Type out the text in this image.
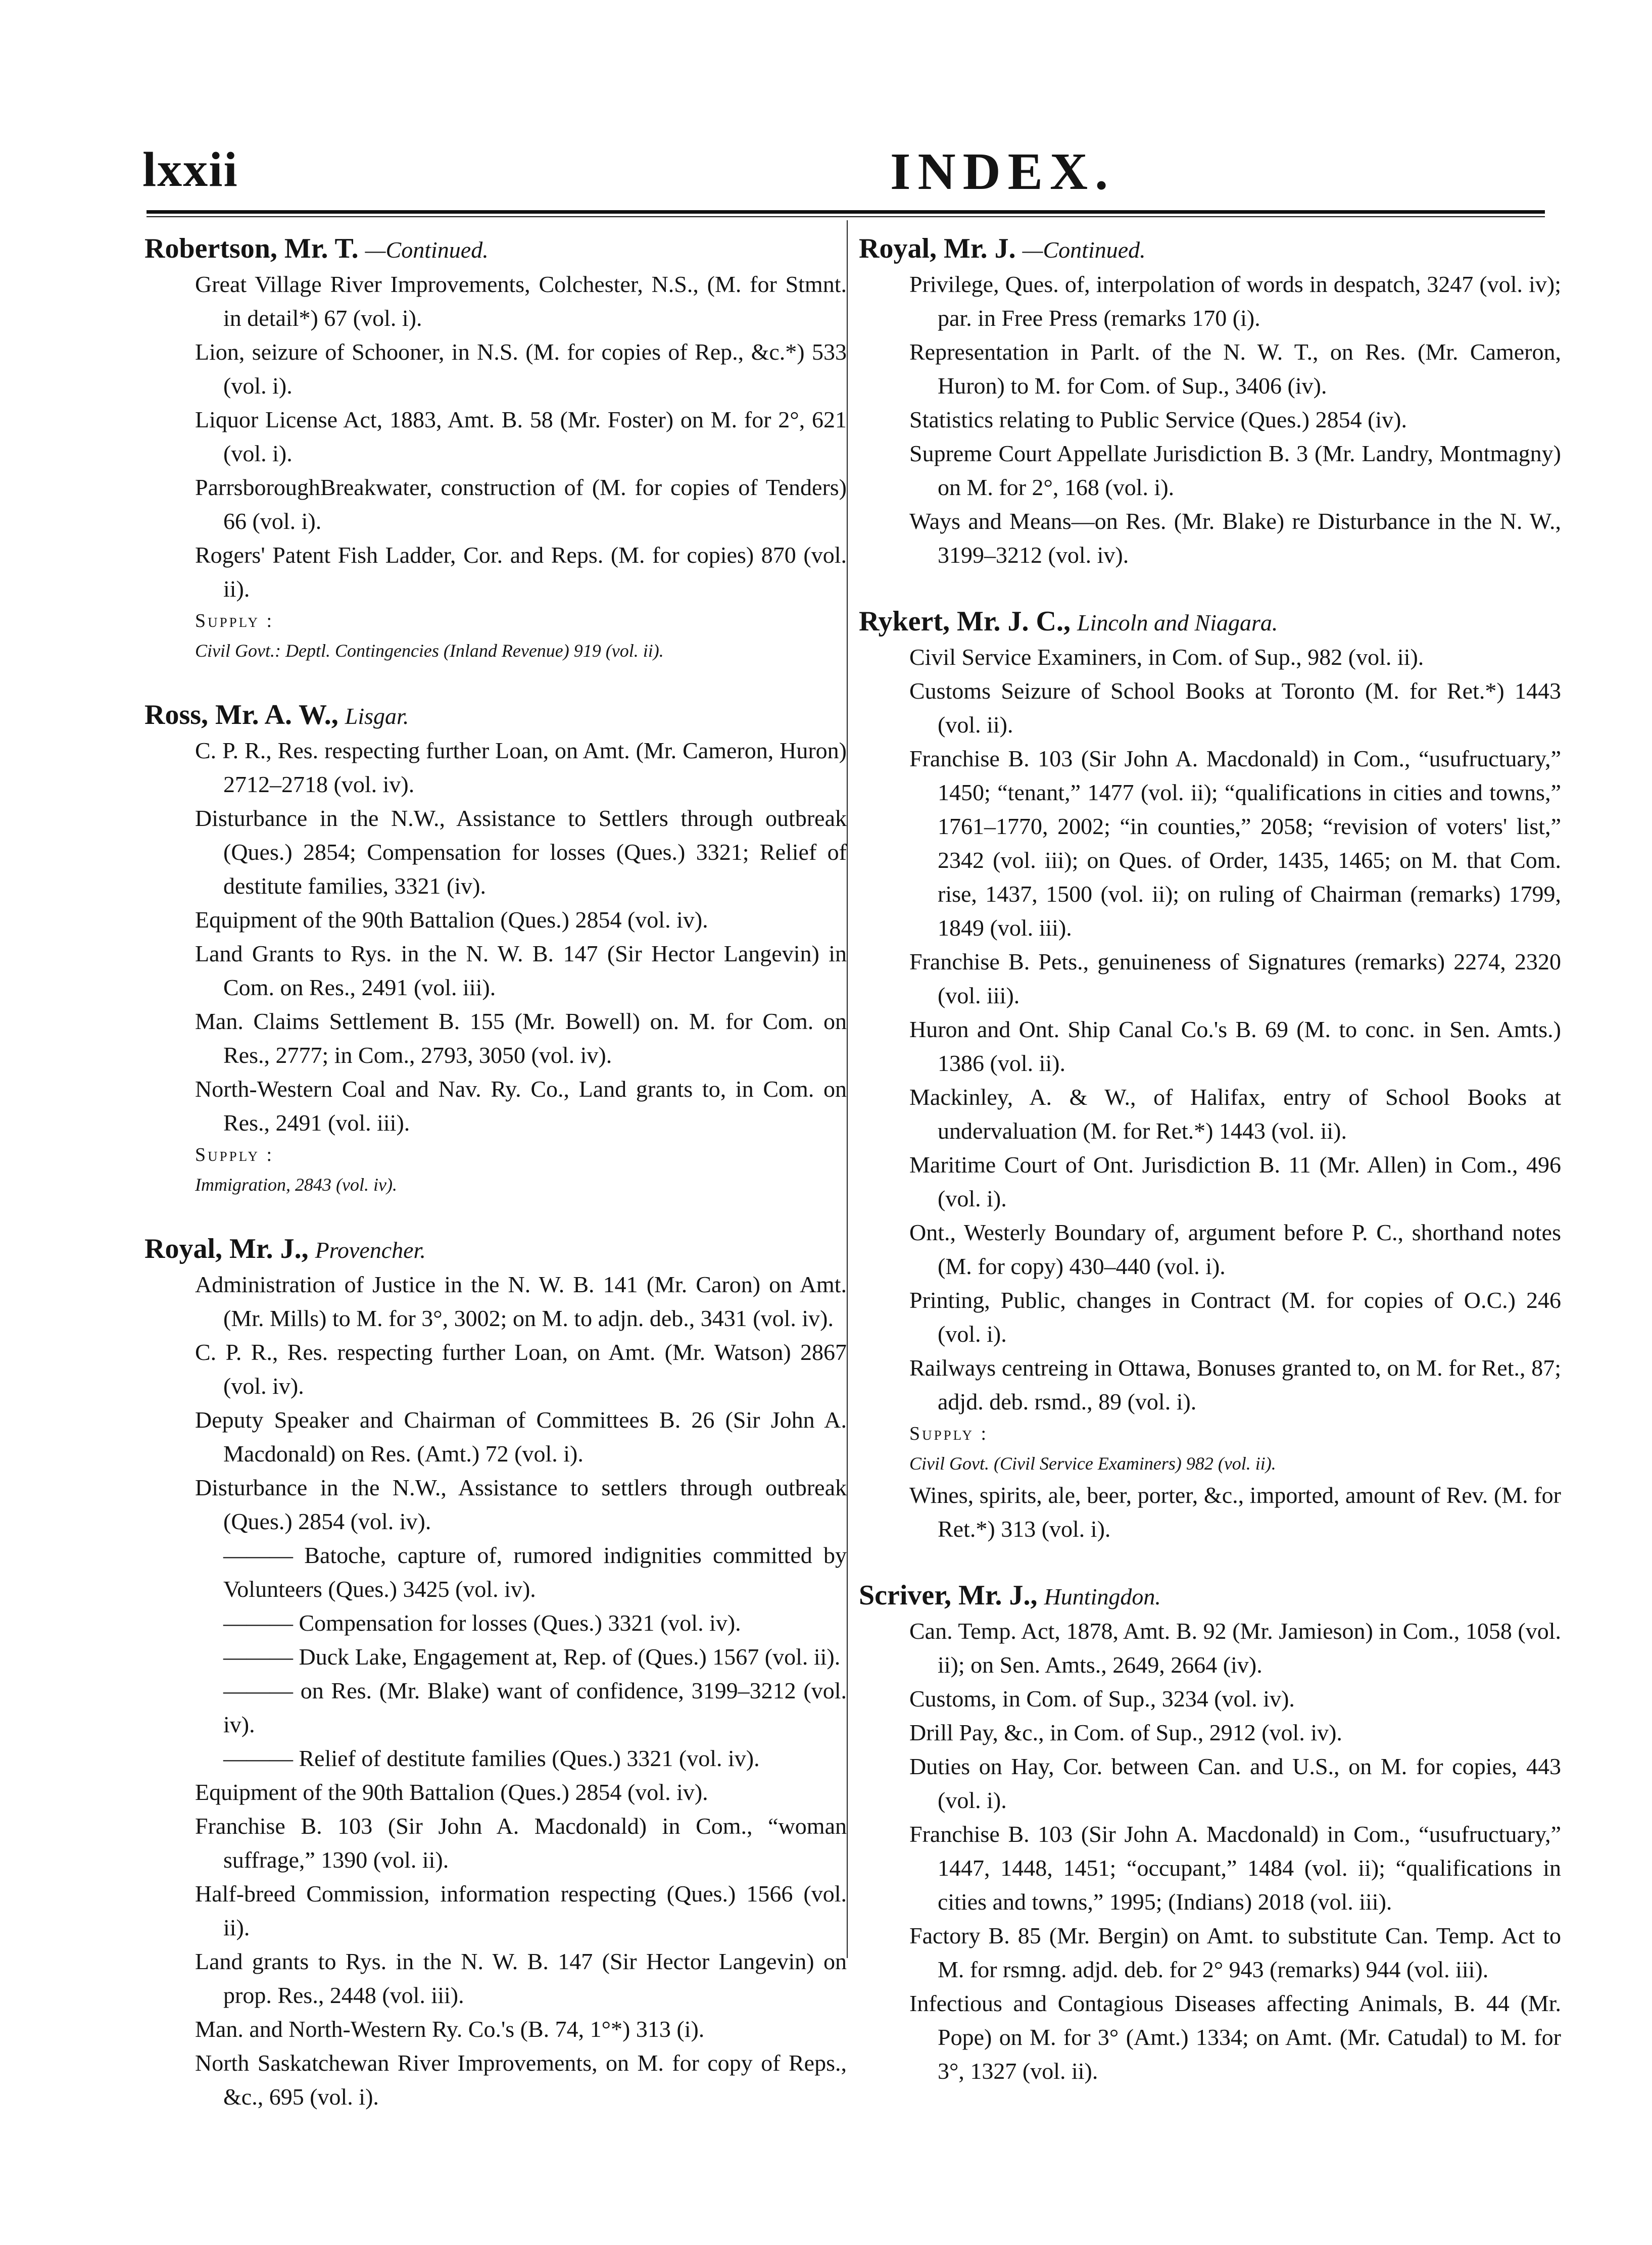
lxxii	INDEX.
Robertson, Mr. T. —Continued.
Great Village River Improvements, Colchester, N.S., (M. for Stmnt. in detail*) 67 (vol. i).
Lion, seizure of Schooner, in N.S. (M. for copies of Rep., &c.*) 533 (vol. i).
Liquor License Act, 1883, Amt. B. 58 (Mr. Foster) on M. for 2°, 621 (vol. i).
ParrsboroughBreakwater, construction of (M. for copies of Tenders) 66 (vol. i).
Rogers' Patent Fish Ladder, Cor. and Reps. (M. for copies) 870 (vol. ii).
Supply :
Civil Govt.: Deptl. Contingencies (Inland Revenue) 919 (vol. ii).
Ross, Mr. A. W., Lisgar.
C. P. R., Res. respecting further Loan, on Amt. (Mr. Cameron, Huron) 2712–2718 (vol. iv).
Disturbance in the N.W., Assistance to Settlers through outbreak (Ques.) 2854; Compensation for losses (Ques.) 3321; Relief of destitute families, 3321 (iv).
Equipment of the 90th Battalion (Ques.) 2854 (vol. iv).
Land Grants to Rys. in the N. W. B. 147 (Sir Hector Langevin) in Com. on Res., 2491 (vol. iii).
Man. Claims Settlement B. 155 (Mr. Bowell) on. M. for Com. on Res., 2777; in Com., 2793, 3050 (vol. iv).
North-Western Coal and Nav. Ry. Co., Land grants to, in Com. on Res., 2491 (vol. iii).
Supply :
Immigration, 2843 (vol. iv).
Royal, Mr. J., Provencher.
Administration of Justice in the N. W. B. 141 (Mr. Caron) on Amt. (Mr. Mills) to M. for 3°, 3002; on M. to adjn. deb., 3431 (vol. iv).
C. P. R., Res. respecting further Loan, on Amt. (Mr. Watson) 2867 (vol. iv).
Deputy Speaker and Chairman of Committees B. 26 (Sir John A. Macdonald) on Res. (Amt.) 72 (vol. i).
Disturbance in the N.W., Assistance to settlers through outbreak (Ques.) 2854 (vol. iv).
——— Batoche, capture of, rumored indignities committed by Volunteers (Ques.) 3425 (vol. iv).
——— Compensation for losses (Ques.) 3321 (vol. iv).
——— Duck Lake, Engagement at, Rep. of (Ques.) 1567 (vol. ii).
——— on Res. (Mr. Blake) want of confidence, 3199–3212 (vol. iv).
——— Relief of destitute families (Ques.) 3321 (vol. iv).
Equipment of the 90th Battalion (Ques.) 2854 (vol. iv).
Franchise B. 103 (Sir John A. Macdonald) in Com., “woman suffrage,” 1390 (vol. ii).
Half-breed Commission, information respecting (Ques.) 1566 (vol. ii).
Land grants to Rys. in the N. W. B. 147 (Sir Hector Langevin) on prop. Res., 2448 (vol. iii).
Man. and North-Western Ry. Co.'s (B. 74, 1°*) 313 (i).
North Saskatchewan River Improvements, on M. for copy of Reps., &c., 695 (vol. i).
Royal, Mr. J. —Continued.
Privilege, Ques. of, interpolation of words in despatch, 3247 (vol. iv); par. in Free Press (remarks 170 (i).
Representation in Parlt. of the N. W. T., on Res. (Mr. Cameron, Huron) to M. for Com. of Sup., 3406 (iv).
Statistics relating to Public Service (Ques.) 2854 (iv).
Supreme Court Appellate Jurisdiction B. 3 (Mr. Landry, Montmagny) on M. for 2°, 168 (vol. i).
Ways and Means—on Res. (Mr. Blake) re Disturbance in the N. W., 3199–3212 (vol. iv).
Rykert, Mr. J. C., Lincoln and Niagara.
Civil Service Examiners, in Com. of Sup., 982 (vol. ii).
Customs Seizure of School Books at Toronto (M. for Ret.*) 1443 (vol. ii).
Franchise B. 103 (Sir John A. Macdonald) in Com., “usufructuary,” 1450; “tenant,” 1477 (vol. ii); “qualifications in cities and towns,” 1761–1770, 2002; “in counties,” 2058; “revision of voters' list,” 2342 (vol. iii); on Ques. of Order, 1435, 1465; on M. that Com. rise, 1437, 1500 (vol. ii); on ruling of Chairman (remarks) 1799, 1849 (vol. iii).
Franchise B. Pets., genuineness of Signatures (remarks) 2274, 2320 (vol. iii).
Huron and Ont. Ship Canal Co.'s B. 69 (M. to conc. in Sen. Amts.) 1386 (vol. ii).
Mackinley, A. & W., of Halifax, entry of School Books at undervaluation (M. for Ret.*) 1443 (vol. ii).
Maritime Court of Ont. Jurisdiction B. 11 (Mr. Allen) in Com., 496 (vol. i).
Ont., Westerly Boundary of, argument before P. C., shorthand notes (M. for copy) 430–440 (vol. i).
Printing, Public, changes in Contract (M. for copies of O.C.) 246 (vol. i).
Railways centreing in Ottawa, Bonuses granted to, on M. for Ret., 87; adjd. deb. rsmd., 89 (vol. i).
Supply :
Civil Govt. (Civil Service Examiners) 982 (vol. ii).
Wines, spirits, ale, beer, porter, &c., imported, amount of Rev. (M. for Ret.*) 313 (vol. i).
Scriver, Mr. J., Huntingdon.
Can. Temp. Act, 1878, Amt. B. 92 (Mr. Jamieson) in Com., 1058 (vol. ii); on Sen. Amts., 2649, 2664 (iv).
Customs, in Com. of Sup., 3234 (vol. iv).
Drill Pay, &c., in Com. of Sup., 2912 (vol. iv).
Duties on Hay, Cor. between Can. and U.S., on M. for copies, 443 (vol. i).
Franchise B. 103 (Sir John A. Macdonald) in Com., “usufructuary,” 1447, 1448, 1451; “occupant,” 1484 (vol. ii); “qualifications in cities and towns,” 1995; (Indians) 2018 (vol. iii).
Factory B. 85 (Mr. Bergin) on Amt. to substitute Can. Temp. Act to M. for rsmng. adjd. deb. for 2° 943 (remarks) 944 (vol. iii).
Infectious and Contagious Diseases affecting Animals, B. 44 (Mr. Pope) on M. for 3° (Amt.) 1334; on Amt. (Mr. Catudal) to M. for 3°, 1327 (vol. ii).
